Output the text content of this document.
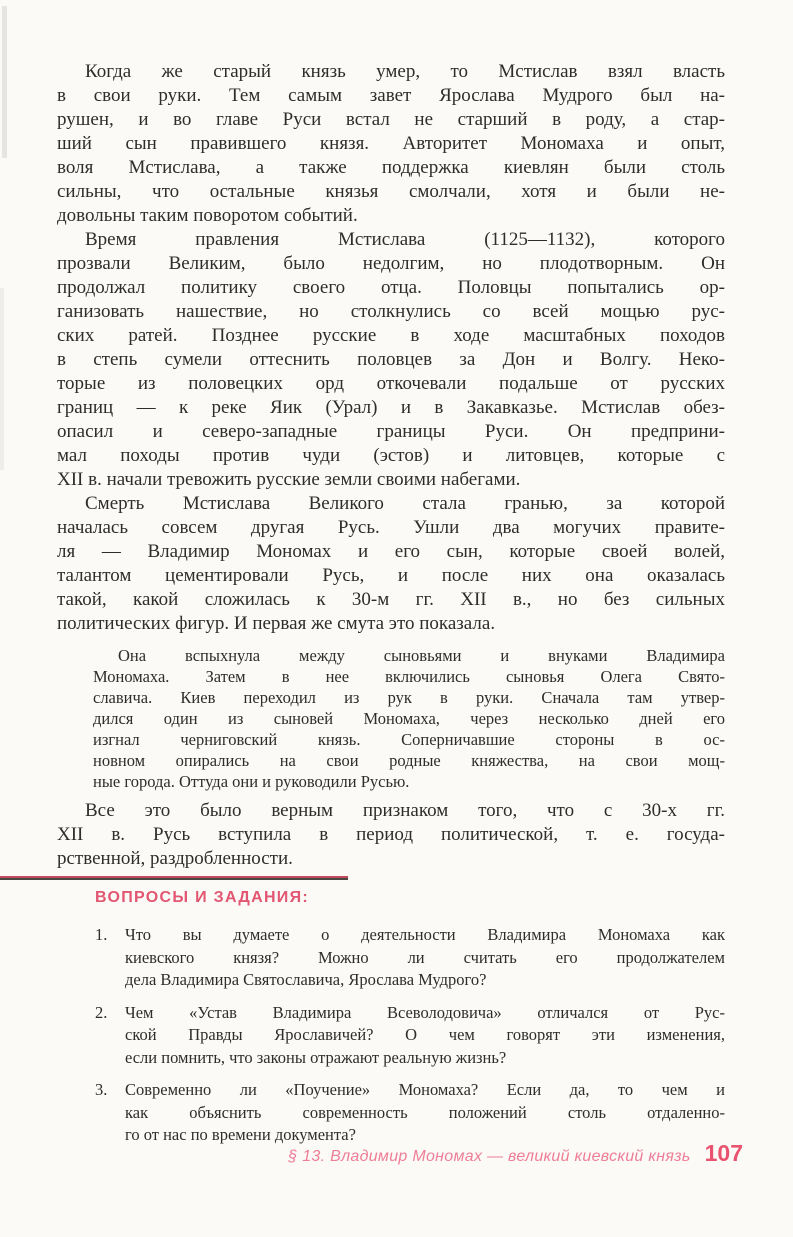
Когда же старый князь умер, то Мстислав взял власть
в свои руки. Тем самым завет Ярослава Мудрого был на-
рушен, и во главе Руси встал не старший в роду, а стар-
ший сын правившего князя. Авторитет Мономаха и опыт,
воля Мстислава, а также поддержка киевлян были столь
сильны, что остальные князья смолчали, хотя и были не-
довольны таким поворотом событий.
Время правления Мстислава (1125—1132), которого
прозвали Великим, было недолгим, но плодотворным. Он
продолжал политику своего отца. Половцы попытались ор-
ганизовать нашествие, но столкнулись со всей мощью рус-
ских ратей. Позднее русские в ходе масштабных походов
в степь сумели оттеснить половцев за Дон и Волгу. Неко-
торые из половецких орд откочевали подальше от русских
границ — к реке Яик (Урал) и в Закавказье. Мстислав обез-
опасил и северо-западные границы Руси. Он предприни-
мал походы против чуди (эстов) и литовцев, которые с
XII в. начали тревожить русские земли своими набегами.
Смерть Мстислава Великого стала гранью, за которой
началась совсем другая Русь. Ушли два могучих правите-
ля — Владимир Мономах и его сын, которые своей волей,
талантом цементировали Русь, и после них она оказалась
такой, какой сложилась к 30-м гг. XII в., но без сильных
политических фигур. И первая же смута это показала.
Она вспыхнула между сыновьями и внуками Владимира
Мономаха. Затем в нее включились сыновья Олега Свято-
славича. Киев переходил из рук в руки. Сначала там утвер-
дился один из сыновей Мономаха, через несколько дней его
изгнал черниговский князь. Соперничавшие стороны в ос-
новном опирались на свои родные княжества, на свои мощ-
ные города. Оттуда они и руководили Русью.
Все это было верным признаком того, что с 30-х гг.
XII в. Русь вступила в период политической, т. е. госуда-
рственной, раздробленности.
ВОПРОСЫ И ЗАДАНИЯ:
1.	Что вы думаете о деятельности Владимира Мономаха как
киевского князя? Можно ли считать его продолжателем
дела Владимира Святославича, Ярослава Мудрого?
2.	Чем «Устав Владимира Всеволодовича» отличался от Рус-
ской Правды Ярославичей? О чем говорят эти изменения,
если помнить, что законы отражают реальную жизнь?
3.	Современно ли «Поучение» Мономаха? Если да, то чем и
как объяснить современность положений столь отдаленно-
го от нас по времени документа?
§ 13. Владимир Мономах — великий киевский князь 107
